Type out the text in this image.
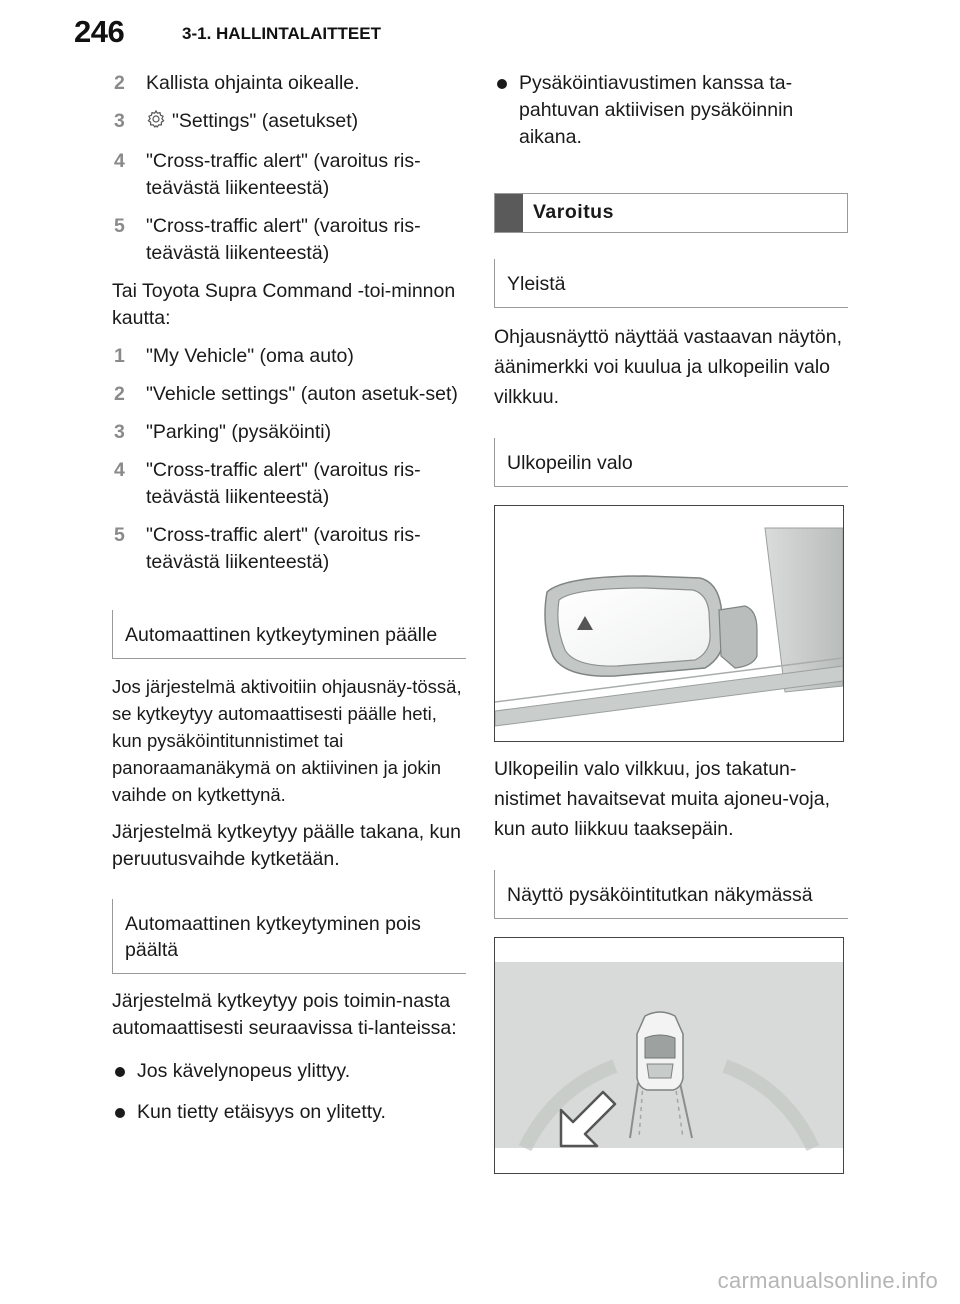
246	3-1. HALLINTALAITTEET
2 Kallista ohjainta oikealle.
3 "Settings" (asetukset)
4 "Cross-traffic alert" (varoitus ris-teävästä liikenteestä)
5 "Cross-traffic alert" (varoitus ris-teävästä liikenteestä)

Tai Toyota Supra Command -toi-minnon kautta:

1 "My Vehicle" (oma auto)
2 "Vehicle settings" (auton asetuk-set)
3 "Parking" (pysäköinti)
4 "Cross-traffic alert" (varoitus ris-teävästä liikenteestä)
5 "Cross-traffic alert" (varoitus ris-teävästä liikenteestä)
Automaattinen kytkeytyminen päälle

Jos järjestelmä aktivoitiin ohjausnäy-tössä, se kytkeytyy automaattisesti päälle heti, kun pysäköintitunnistimet tai panoraamanäkymä on aktiivinen ja jokin vaihde on kytkettynä.

Järjestelmä kytkeytyy päälle takana, kun peruutusvaihde kytketään.

Automaattinen kytkeytyminen pois päältä

Järjestelmä kytkeytyy pois toimin-nasta automaattisesti seuraavissa ti-lanteissa:

Jos kävelynopeus ylittyy.
Kun tietty etäisyys on ylitetty.
Pysäköintiavustimen kanssa ta-pahtuvan aktiivisen pysäköinnin aikana.
Varoitus
Yleistä

Ohjausnäyttö näyttää vastaavan näytön, äänimerkki voi kuulua ja ulkopeilin valo vilkkuu.

Ulkopeilin valo

Ulkopeilin valo vilkkuu, jos takatun-nistimet havaitsevat muita ajoneu-voja, kun auto liikkuu taaksepäin.

Näyttö pysäköintitutkan näkymässä
carmanualsonline.info
